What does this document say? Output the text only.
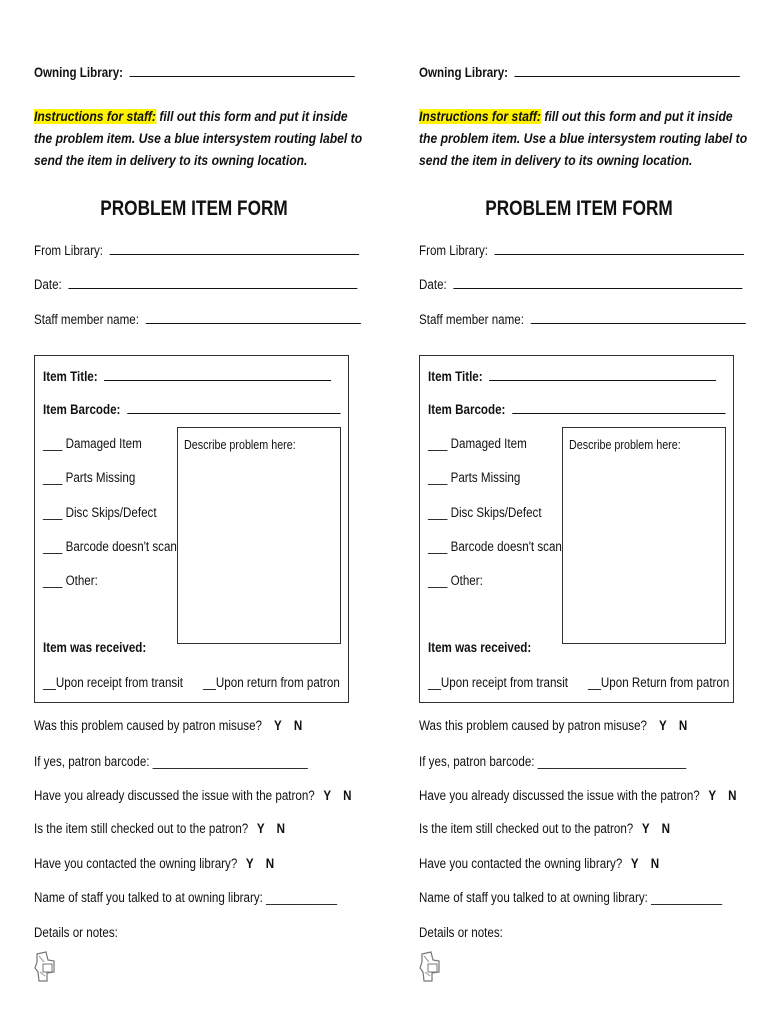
Owning Library:
Instructions for staff: fill out this form and put it inside the problem item. Use a blue intersystem routing label to send the item in delivery to its owning location.
PROBLEM ITEM FORM
From Library:
Date:
Staff member name:
Item Title:
Item Barcode:
___ Damaged Item
___ Parts Missing
___ Disc Skips/Defect
___ Barcode doesn't scan
___ Other:
Describe problem here:
Item was received:
__Upon receipt from transit __Upon return from patron
Was this problem caused by patron misuse? Y N
If yes, patron barcode: ________________________
Have you already discussed the issue with the patron? Y N
Is the item still checked out to the patron? Y N
Have you contacted the owning library? Y N
Name of staff you talked to at owning library: ___________
Details or notes:
Owning Library:
Instructions for staff: fill out this form and put it inside the problem item. Use a blue intersystem routing label to send the item in delivery to its owning location.
PROBLEM ITEM FORM
From Library:
Date:
Staff member name:
Item Title:
Item Barcode:
___ Damaged Item
___ Parts Missing
___ Disc Skips/Defect
___ Barcode doesn't scan
___ Other:
Describe problem here:
Item was received:
__Upon receipt from transit __Upon Return from patron
Was this problem caused by patron misuse? Y N
If yes, patron barcode: _______________________
Have you already discussed the issue with the patron? Y N
Is the item still checked out to the patron? Y N
Have you contacted the owning library? Y N
Name of staff you talked to at owning library: ___________
Details or notes:
